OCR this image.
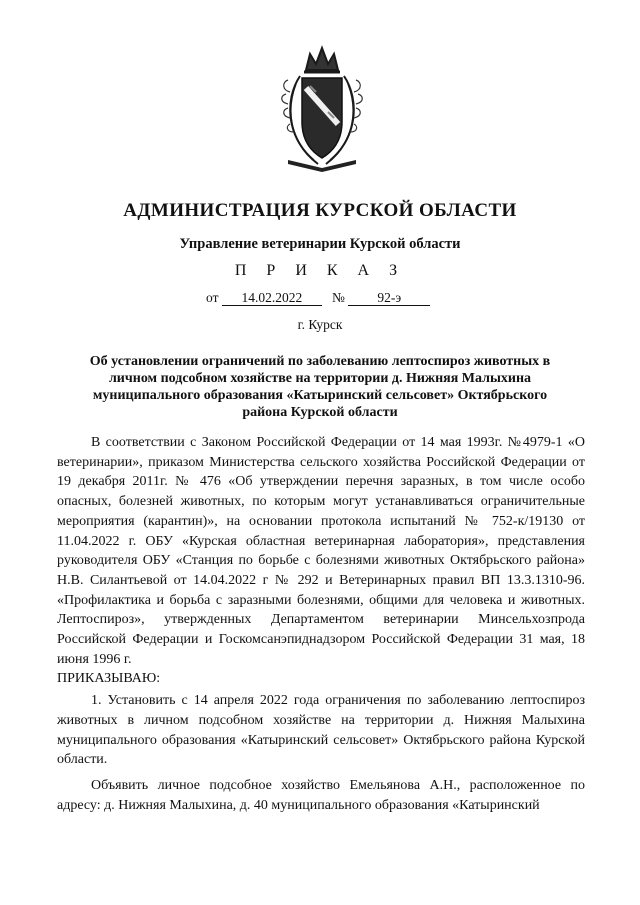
АДМИНИСТРАЦИЯ КУРСКОЙ ОБЛАСТИ
Управление ветеринарии Курской области
П Р И К А З
от 14.02.2022 № 92-э
г. Курск
Об установлении ограничений по заболеванию лептоспироз животных в личном подсобном хозяйстве на территории д. Нижняя Малыхина муниципального образования «Катыринский сельсовет» Октябрьского района Курской области

В соответствии с Законом Российской Федерации от 14 мая 1993г. №4979-1 «О ветеринарии», приказом Министерства сельского хозяйства Российской Федерации от 19 декабря 2011г. № 476 «Об утверждении перечня заразных, в том числе особо опасных, болезней животных, по которым могут устанавливаться ограничительные мероприятия (карантин)», на основании протокола испытаний № 752-к/19130 от 11.04.2022 г. ОБУ «Курская областная ветеринарная лаборатория», представления руководителя ОБУ «Станция по борьбе с болезнями животных Октябрьского района» Н.В. Силантьевой от 14.04.2022 г № 292 и Ветеринарных правил ВП 13.3.1310-96. «Профилактика и борьба с заразными болезнями, общими для человека и животных. Лептоспироз», утвержденных Департаментом ветеринарии Минсельхозпрода Российской Федерации и Госкомсанэпиднадзором Российской Федерации 31 мая, 18 июня 1996 г.

ПРИКАЗЫВАЮ:

1. Установить с 14 апреля 2022 года ограничения по заболеванию лептоспироз животных в личном подсобном хозяйстве на территории д. Нижняя Малыхина муниципального образования «Катыринский сельсовет» Октябрьского района Курской области.

Объявить личное подсобное хозяйство Емельянова А.Н., расположенное по адресу: д. Нижняя Малыхина, д. 40 муниципального образования «Катыринский
